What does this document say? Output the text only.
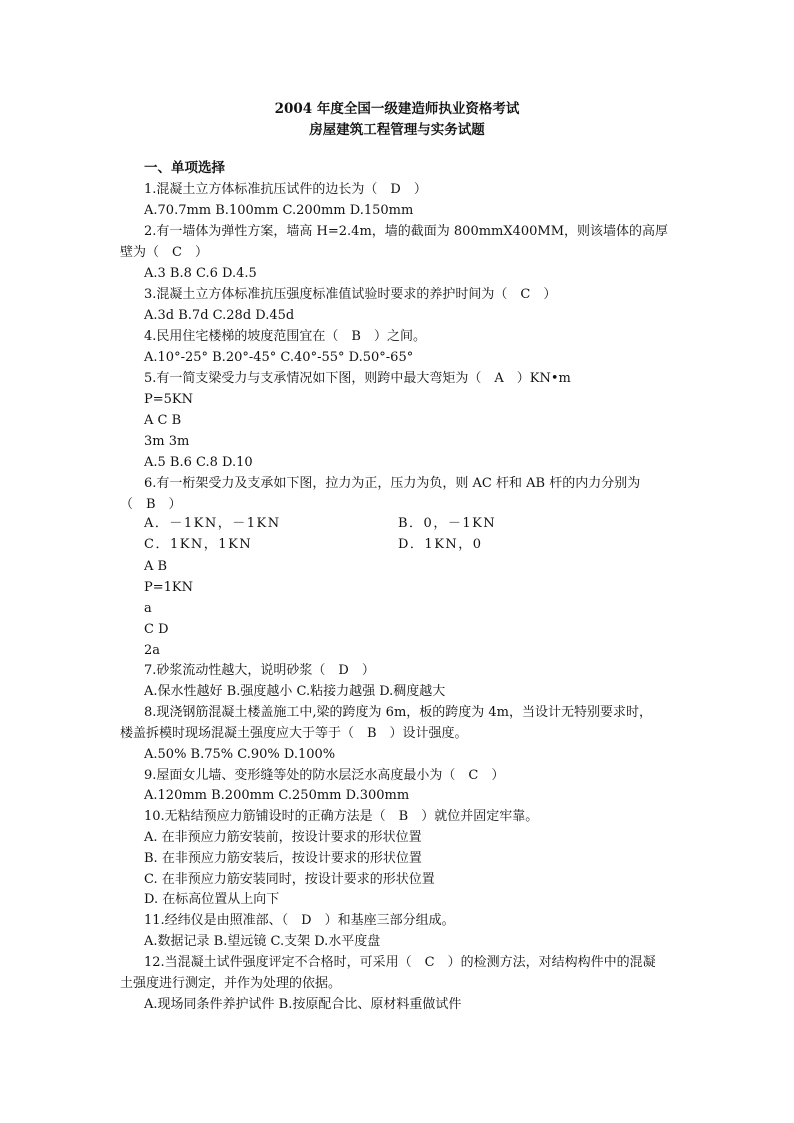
2004 年度全国一级建造师执业资格考试
房屋建筑工程管理与实务试题
一、单项选择
1.混凝土立方体标准抗压试件的边长为（　D　）
A.70.7mm B.100mm C.200mm D.150mm
2.有一墙体为弹性方案，墙高 H=2.4m，墙的截面为 800mmX400MM，则该墙体的高厚
壁为（　C　）
A.3 B.8 C.6 D.4.5
3.混凝土立方体标准抗压强度标准值试验时要求的养护时间为（　C　）
A.3d B.7d C.28d D.45d
4.民用住宅楼梯的坡度范围宜在（　B　）之间。
A.10°-25° B.20°-45° C.40°-55° D.50°-65°
5.有一简支梁受力与支承情况如下图，则跨中最大弯矩为（　A　）KN•m
P=5KN
A C B
3m 3m
A.5 B.6 C.8 D.10
6.有一桁架受力及支承如下图，拉力为正，压力为负，则 AC 杆和 AB 杆的内力分别为
（　B　）
A．－1KN，－1KN	B．0，－1KN
C．1KN，1KN	D．1KN，0
A B
P=1KN
a
C D
2a
7.砂浆流动性越大，说明砂浆（　D　）
A.保水性越好 B.强度越小 C.粘接力越强 D.稠度越大
8.现浇钢筋混凝土楼盖施工中,梁的跨度为 6m，板的跨度为 4m，当设计无特别要求时，
楼盖拆模时现场混凝土强度应大于等于（　B　）设计强度。
A.50% B.75% C.90% D.100%
9.屋面女儿墙、变形缝等处的防水层泛水高度最小为（　C　）
A.120mm B.200mm C.250mm D.300mm
10.无粘结预应力筋铺设时的正确方法是（　B　）就位并固定牢靠。
A. 在非预应力筋安装前，按设计要求的形状位置
B. 在非预应力筋安装后，按设计要求的形状位置
C. 在非预应力筋安装同时，按设计要求的形状位置
D. 在标高位置从上向下
11.经纬仪是由照准部、（　D　）和基座三部分组成。
A.数据记录 B.望远镜 C.支架 D.水平度盘
12.当混凝土试件强度评定不合格时，可采用（　C　）的检测方法，对结构构件中的混凝
土强度进行测定，并作为处理的依据。
A.现场同条件养护试件 B.按原配合比、原材料重做试件
